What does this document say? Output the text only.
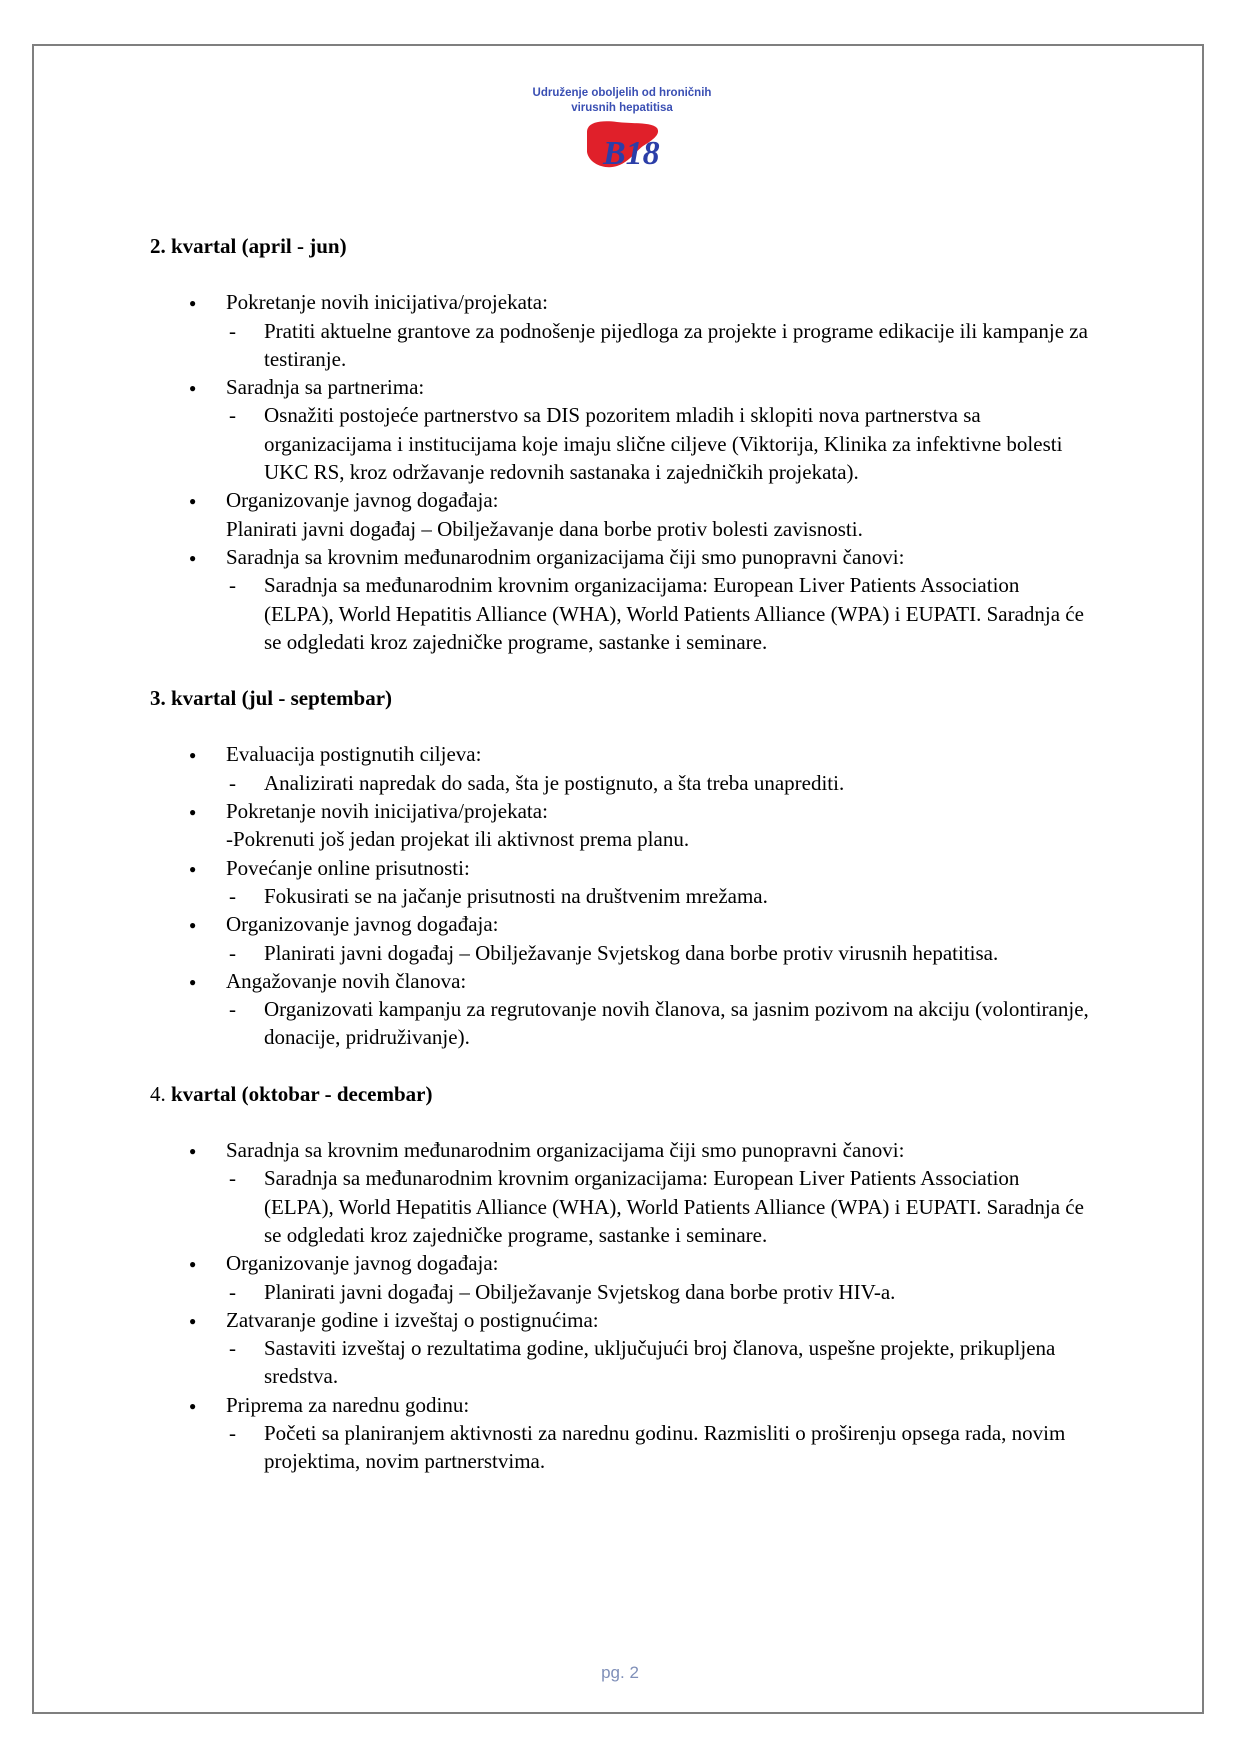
Udruženje oboljelih od hroničnih
virusnih hepatitisa
B18

2. kvartal (april - jun)

● Pokretanje novih inicijativa/projekata:
- Pratiti aktuelne grantove za podnošenje pijedloga za projekte i programe edikacije ili kampanje za testiranje.
● Saradnja sa partnerima:
- Osnažiti postojeće partnerstvo sa DIS pozoritem mladih i sklopiti nova partnerstva sa organizacijama i institucijama koje imaju slične ciljeve (Viktorija, Klinika za infektivne bolesti UKC RS, kroz održavanje redovnih sastanaka i zajedničkih projekata).
● Organizovanje javnog događaja:
Planirati javni događaj – Obilježavanje dana borbe protiv bolesti zavisnosti.
● Saradnja sa krovnim međunarodnim organizacijama čiji smo punopravni čanovi:
- Saradnja sa međunarodnim krovnim organizacijama: European Liver Patients Association (ELPA), World Hepatitis Alliance (WHA), World Patients Alliance (WPA) i EUPATI. Saradnja će se odgledati kroz zajedničke programe, sastanke i seminare.

3. kvartal (jul - septembar)

● Evaluacija postignutih ciljeva:
- Analizirati napredak do sada, šta je postignuto, a šta treba unaprediti.
● Pokretanje novih inicijativa/projekata:
-Pokrenuti još jedan projekat ili aktivnost prema planu.
● Povećanje online prisutnosti:
- Fokusirati se na jačanje prisutnosti na društvenim mrežama.
● Organizovanje javnog događaja:
- Planirati javni događaj – Obilježavanje Svjetskog dana borbe protiv virusnih hepatitisa.
● Angažovanje novih članova:
- Organizovati kampanju za regrutovanje novih članova, sa jasnim pozivom na akciju (volontiranje, donacije, pridruživanje).

4. kvartal (oktobar - decembar)

● Saradnja sa krovnim međunarodnim organizacijama čiji smo punopravni čanovi:
- Saradnja sa međunarodnim krovnim organizacijama: European Liver Patients Association (ELPA), World Hepatitis Alliance (WHA), World Patients Alliance (WPA) i EUPATI. Saradnja će se odgledati kroz zajedničke programe, sastanke i seminare.
● Organizovanje javnog događaja:
- Planirati javni događaj – Obilježavanje Svjetskog dana borbe protiv HIV-a.
● Zatvaranje godine i izveštaj o postignućima:
- Sastaviti izveštaj o rezultatima godine, uključujući broj članova, uspešne projekte, prikupljena sredstva.
● Priprema za narednu godinu:
- Početi sa planiranjem aktivnosti za narednu godinu. Razmisliti o proširenju opsega rada, novim projektima, novim partnerstvima.
pg. 2
